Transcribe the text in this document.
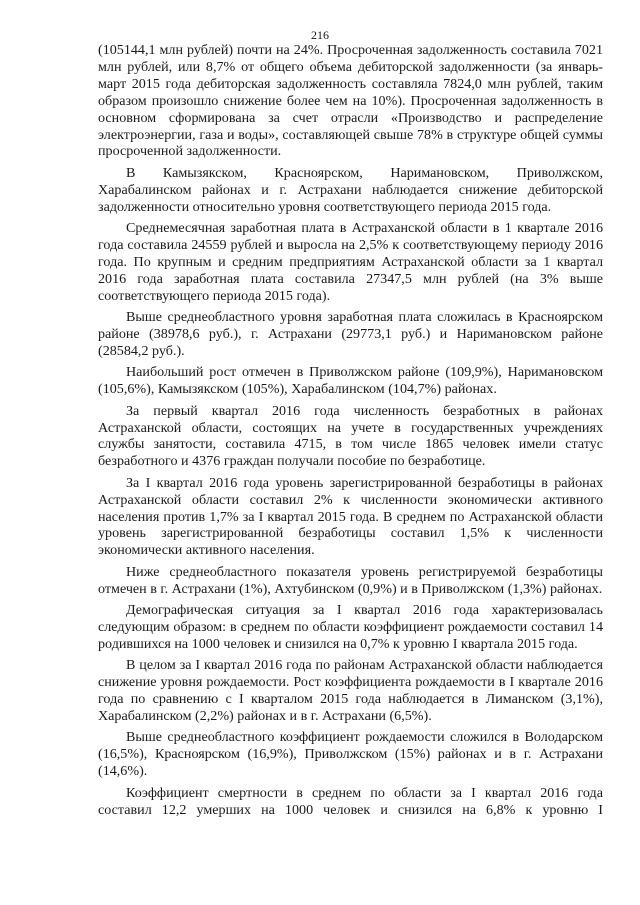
216

(105144,1 млн рублей) почти на 24%. Просроченная задолженность составила 7021 млн рублей, или 8,7% от общего объема дебиторской задолженности (за январь-март 2015 года дебиторская задолженность составляла 7824,0 млн рублей, таким образом произошло снижение более чем на 10%). Просроченная задолженность в основном сформирована за счет отрасли «Производство и распределение электроэнергии, газа и воды», составляющей свыше 78% в структуре общей суммы просроченной задолженности.

В Камызякском, Красноярском, Наримановском, Приволжском, Харабалинском районах и г. Астрахани наблюдается снижение дебиторской задолженности относительно уровня соответствующего периода 2015 года.

Среднемесячная заработная плата в Астраханской области в 1 квартале 2016 года составила 24559 рублей и выросла на 2,5% к соответствующему периоду 2016 года. По крупным и средним предприятиям Астраханской области за 1 квартал 2016 года заработная плата составила 27347,5 млн рублей (на 3% выше соответствующего периода 2015 года).

Выше среднеобластного уровня заработная плата сложилась в Красноярском районе (38978,6 руб.), г. Астрахани (29773,1 руб.) и Наримановском районе (28584,2 руб.).

Наибольший рост отмечен в Приволжском районе (109,9%), Наримановском (105,6%), Камызякском (105%), Харабалинском (104,7%) районах.

За первый квартал 2016 года численность безработных в районах Астраханской области, состоящих на учете в государственных учреждениях службы занятости, составила 4715, в том числе 1865 человек имели статус безработного и 4376 граждан получали пособие по безработице.

За I квартал 2016 года уровень зарегистрированной безработицы в районах Астраханской области составил 2% к численности экономически активного населения против 1,7% за I квартал 2015 года. В среднем по Астраханской области уровень зарегистрированной безработицы составил 1,5% к численности экономически активного населения.

Ниже среднеобластного показателя уровень регистрируемой безработицы отмечен в г. Астрахани (1%), Ахтубинском (0,9%) и в Приволжском (1,3%) районах.

Демографическая ситуация за I квартал 2016 года характеризовалась следующим образом: в среднем по области коэффициент рождаемости составил 14 родившихся на 1000 человек и снизился на 0,7% к уровню I квартала 2015 года.

В целом за I квартал 2016 года по районам Астраханской области наблюдается снижение уровня рождаемости. Рост коэффициента рождаемости в I квартале 2016 года по сравнению с I кварталом 2015 года наблюдается в Лиманском (3,1%), Харабалинском (2,2%) районах и в г. Астрахани (6,5%).

Выше среднеобластного коэффициент рождаемости сложился в Володарском (16,5%), Красноярском (16,9%), Приволжском (15%) районах и в г. Астрахани (14,6%).

Коэффициент смертности в среднем по области за I квартал 2016 года составил 12,2 умерших на 1000 человек и снизился на 6,8% к уровню I
